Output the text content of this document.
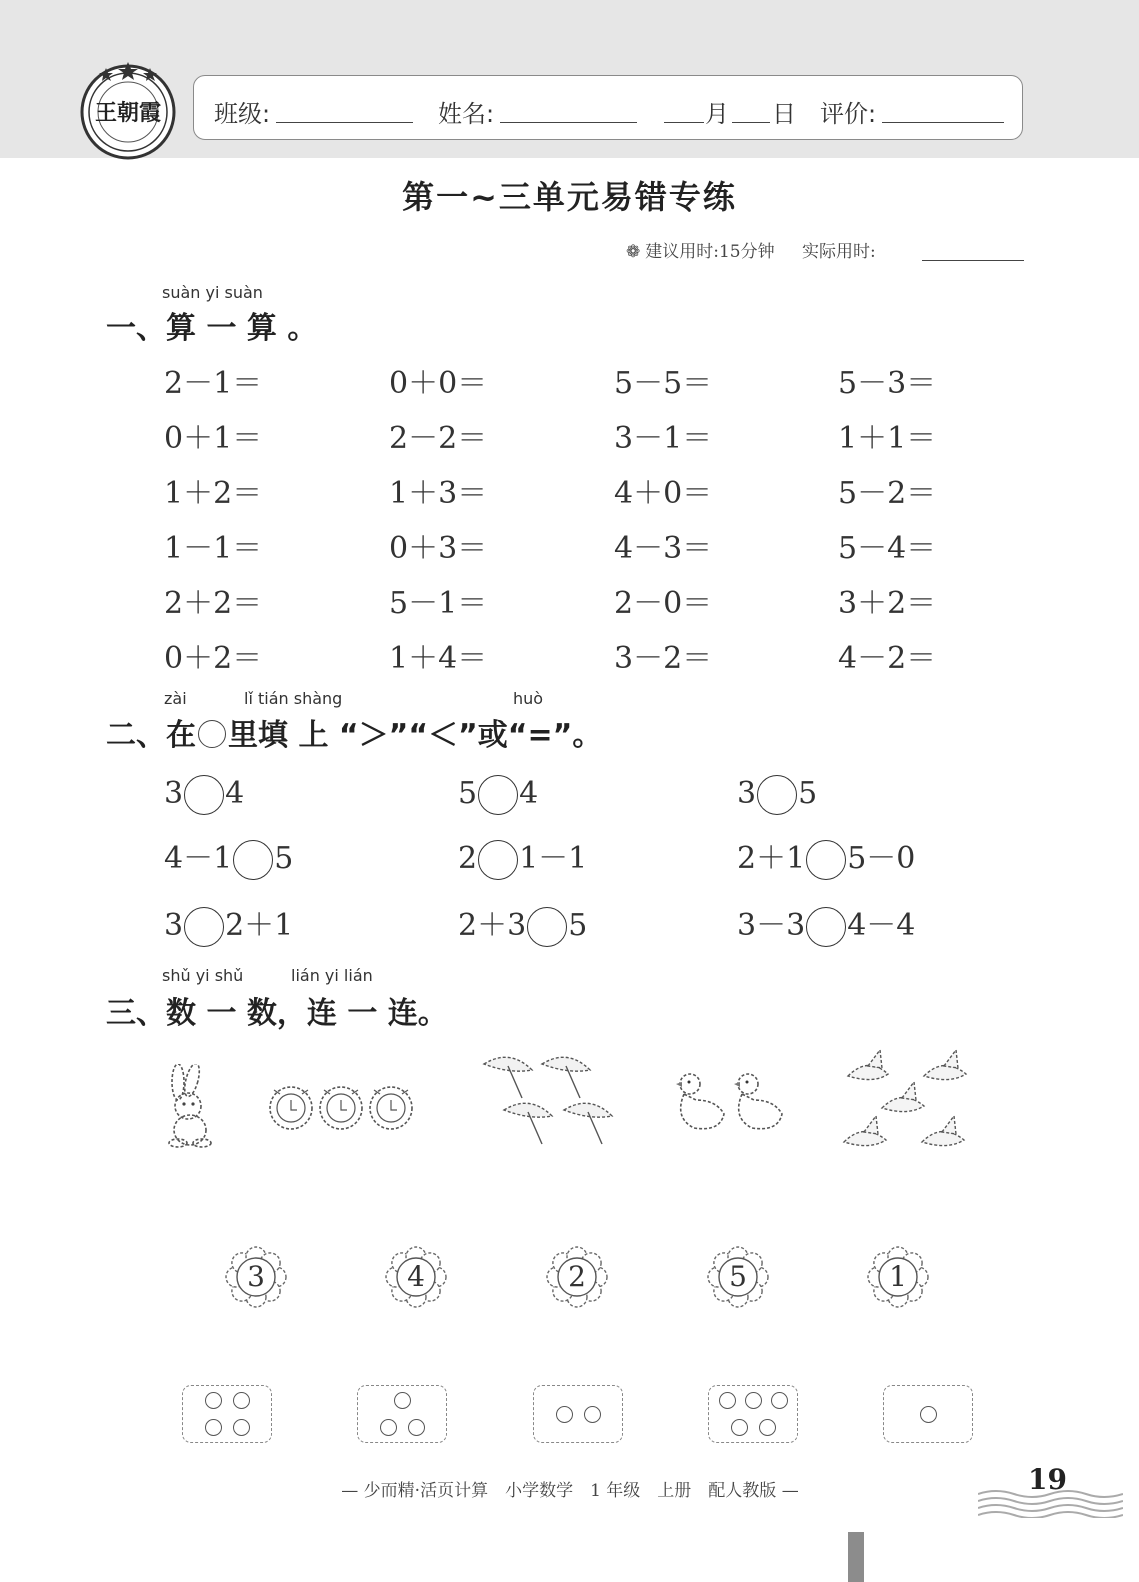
王朝霞 班级:	姓名:	月 日 评价:
第一~三单元易错专练
❁ 建议用时:15分钟 实际用时:
suàn yi suàn
一、算 一 算 。
2－1＝	0＋0＝	5－5＝	5－3＝
0＋1＝	2－2＝	3－1＝	1＋1＝
1＋2＝	1＋3＝	4＋0＝	5－2＝
1－1＝	0＋3＝	4－3＝	5－4＝
2＋2＝	5－1＝	2－0＝	3＋2＝
0＋2＝	1＋4＝	3－2＝	4－2＝
zài	lǐ tián shàng	huò
二、在 里填 上 “＞”“＜”或“=”。
3 4	5 4	3 5
4－1 5	2 1－1	2＋1 5－0
3 2＋1	2＋3 5	3－3 4－4
shǔ yi shǔ	lián yi lián
三、数 一 数，连 一 连。
3	4	2	5	1
— 少而精·活页计算　小学数学　1 年级　上册　配人教版 —	19
